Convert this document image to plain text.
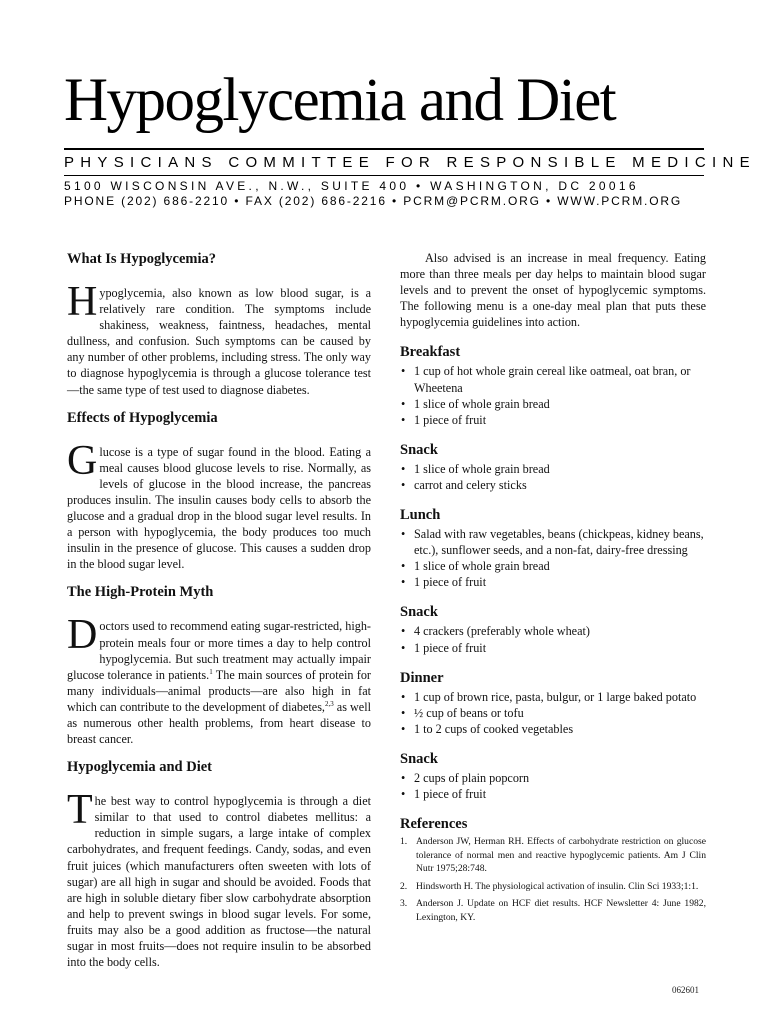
Hypoglycemia and Diet
PHYSICIANS COMMITTEE FOR RESPONSIBLE MEDICINE
5100 WISCONSIN AVE., N.W., SUITE 400 • WASHINGTON, DC 20016
PHONE (202) 686-2210 • FAX (202) 686-2216 • PCRM@PCRM.ORG • WWW.PCRM.ORG
What Is Hypoglycemia?

Hypoglycemia, also known as low blood sugar, is a relatively rare condition. The symptoms include shakiness, weakness, faintness, headaches, mental dullness, and confusion. Such symptoms can be caused by any number of other problems, including stress. The only way to diagnose hypoglycemia is through a glucose tolerance test—the same type of test used to diagnose diabetes.

Effects of Hypoglycemia

Glucose is a type of sugar found in the blood. Eating a meal causes blood glucose levels to rise. Normally, as levels of glucose in the blood increase, the pancreas produces insulin. The insulin causes body cells to absorb the glucose and a gradual drop in the blood sugar level results. In a person with hypoglycemia, the body produces too much insulin in the presence of glucose. This causes a sudden drop in the blood sugar level.

The High-Protein Myth

Doctors used to recommend eating sugar-restricted, high-protein meals four or more times a day to help control hypoglycemia. But such treatment may actually impair glucose tolerance in patients.$^1$ The main sources of protein for many individuals—animal products—are also high in fat which can contribute to the development of diabetes,$^{2,3}$ as well as numerous other health problems, from heart disease to breast cancer.

Hypoglycemia and Diet

The best way to control hypoglycemia is through a diet similar to that used to control diabetes mellitus: a reduction in simple sugars, a large intake of complex carbohydrates, and frequent feedings. Candy, sodas, and even fruit juices (which manufacturers often sweeten with lots of sugar) are all high in sugar and should be avoided. Foods that are high in soluble dietary fiber slow carbohydrate absorption and help to prevent swings in blood sugar levels. For some, fruits may also be a good addition as fructose—the natural sugar in most fruits—does not require insulin to be absorbed into the body cells.

Also advised is an increase in meal frequency. Eating more than three meals per day helps to maintain blood sugar levels and to prevent the onset of hypoglycemic symptoms. The following menu is a one-day meal plan that puts these hypoglycemia guidelines into action.

Breakfast
• 1 cup of hot whole grain cereal like oatmeal, oat bran, or Wheetena
• 1 slice of whole grain bread
• 1 piece of fruit
Snack
• 1 slice of whole grain bread
• carrot and celery sticks
Lunch
• Salad with raw vegetables, beans (chickpeas, kidney beans, etc.), sunflower seeds, and a non-fat, dairy-free dressing
• 1 slice of whole grain bread
• 1 piece of fruit
Snack
• 4 crackers (preferably whole wheat)
• 1 piece of fruit
Dinner
• 1 cup of brown rice, pasta, bulgur, or 1 large baked potato
• ½ cup of beans or tofu
• 1 to 2 cups of cooked vegetables
Snack
• 2 cups of plain popcorn
• 1 piece of fruit
References
1. Anderson JW, Herman RH. Effects of carbohydrate restriction on glucose tolerance of normal men and reactive hypoglycemic patients. Am J Clin Nutr 1975;28:748.
2. Hindsworth H. The physiological activation of insulin. Clin Sci 1933;1:1.
3. Anderson J. Update on HCF diet results. HCF Newsletter 4: June 1982, Lexington, KY.
062601
